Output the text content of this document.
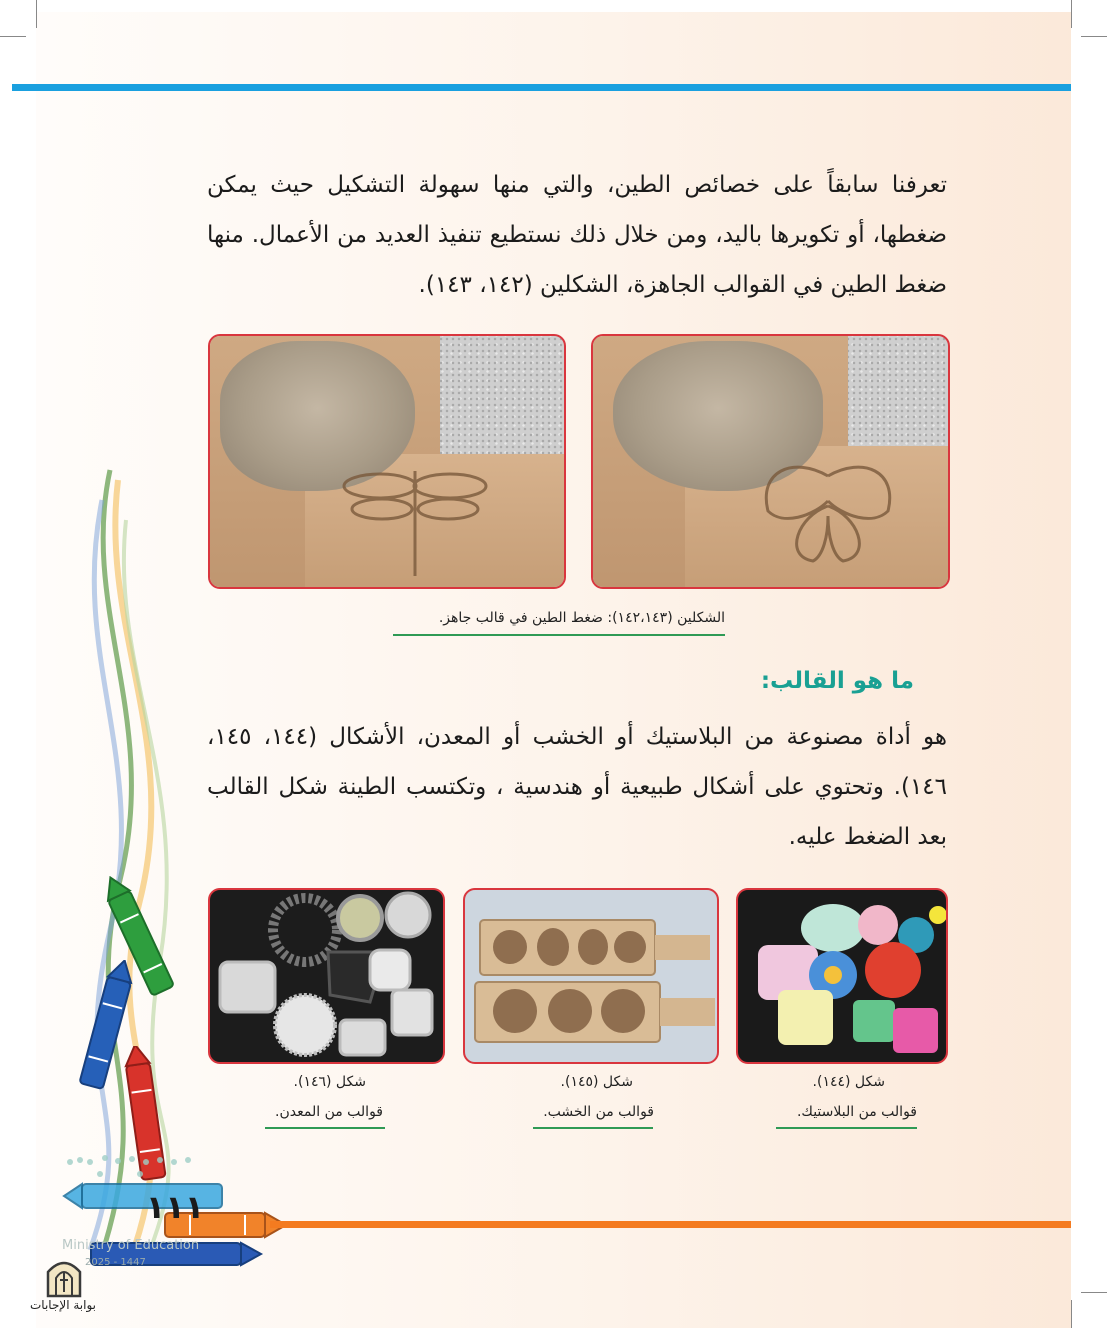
١١١
Ministry of Education
2025 - 1447
بوابة الإجابات
تعرفنا سابقاً على خصائص الطين، والتي منها سهولة التشكيل حيث يمكن ضغطها، أو تكويرها باليد، ومن خلال ذلك نستطيع تنفيذ العديد من الأعمال. منها ضغط الطين في القوالب الجاهزة، الشكلين (١٤٢، ١٤٣).
الشكلين (١٤٢،١٤٣): ضغط الطين في قالب جاهز.
ما هو القالب:
هو أداة مصنوعة من البلاستيك أو الخشب أو المعدن، الأشكال (١٤٤، ١٤٥، ١٤٦). وتحتوي على أشكال طبيعية أو هندسية ، وتكتسب الطينة شكل القالب بعد الضغط عليه.
شكل (١٤٦).
قوالب من المعدن.
شكل (١٤٥).
قوالب من الخشب.
شكل (١٤٤).
قوالب من البلاستيك.
